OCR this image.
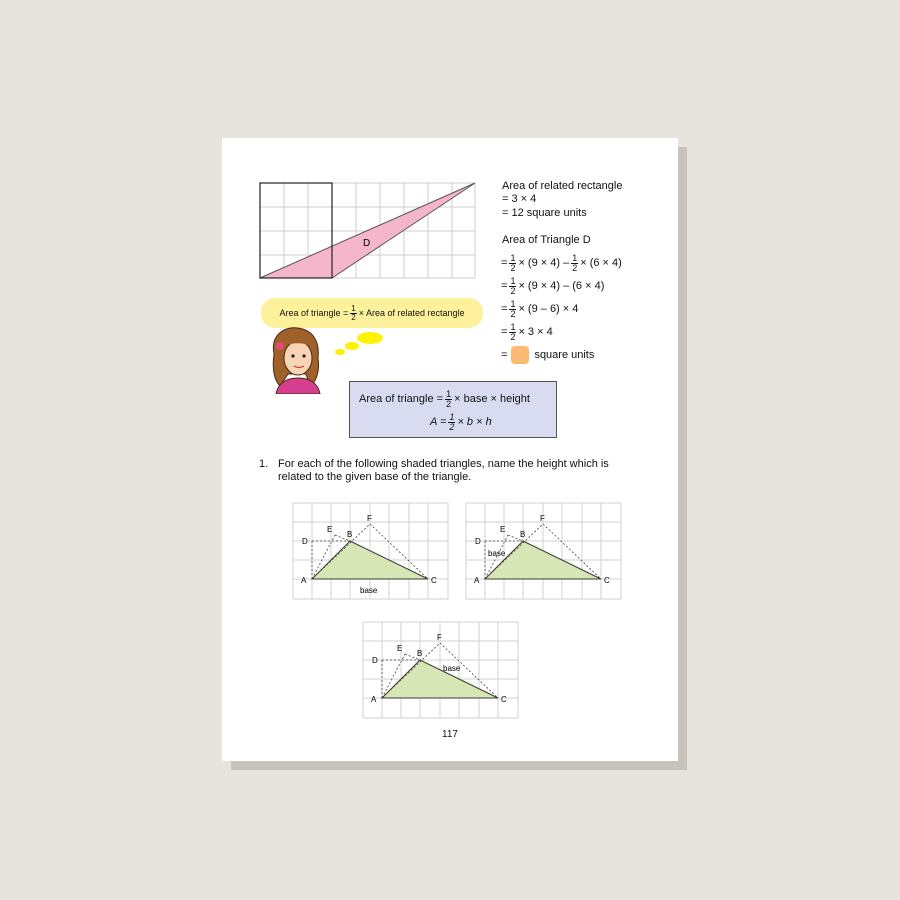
D
Area of related rectangle
= 3 × 4
= 12 square units
Area of Triangle D
= $\frac{1}{2} \times (9 \times 4) - \frac{1}{2} \times (6 \times 4)$
= $\frac{1}{2} \times (9 \times 4) - (6 \times 4)$
= $\frac{1}{2} \times (9 - 6) \times 4$
= $\frac{1}{2} \times 3 \times 4$
= square units
Area of triangle = $\frac{1}{2}$ × Area of related rectangle
Area of triangle = $\frac{1}{2}$ × base × height
$A = \frac{1}{2} \times b \times h$
1. For each of the following shaded triangles, name the height which is
related to the given base of the triangle.
A
B
C
D
E
F
base
A
B
C
D
E
F
base
A
B
C
D
E
F
base
117
